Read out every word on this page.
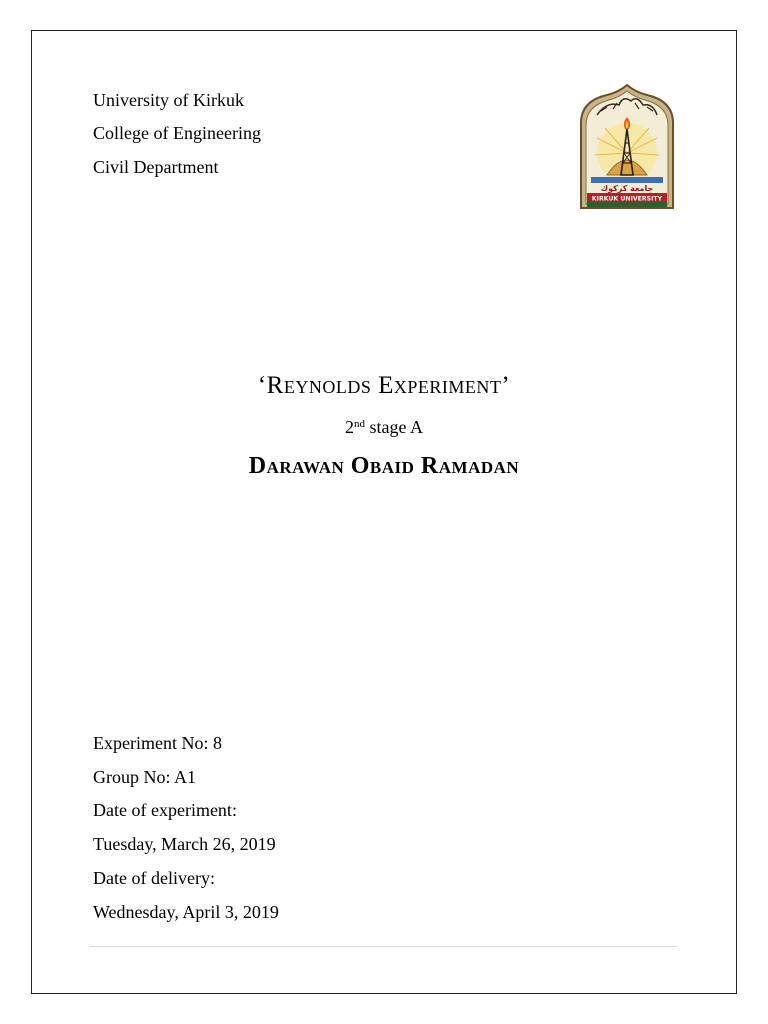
University of Kirkuk
College of Engineering
Civil Department
جامعة كركوك
KIRKUK UNIVERSITY
‘Reynolds Experiment’
2nd stage A
Darawan Obaid Ramadan
Experiment No: 8
Group No: A1
Date of experiment:
Tuesday, March 26, 2019
Date of delivery:
Wednesday, April 3, 2019
